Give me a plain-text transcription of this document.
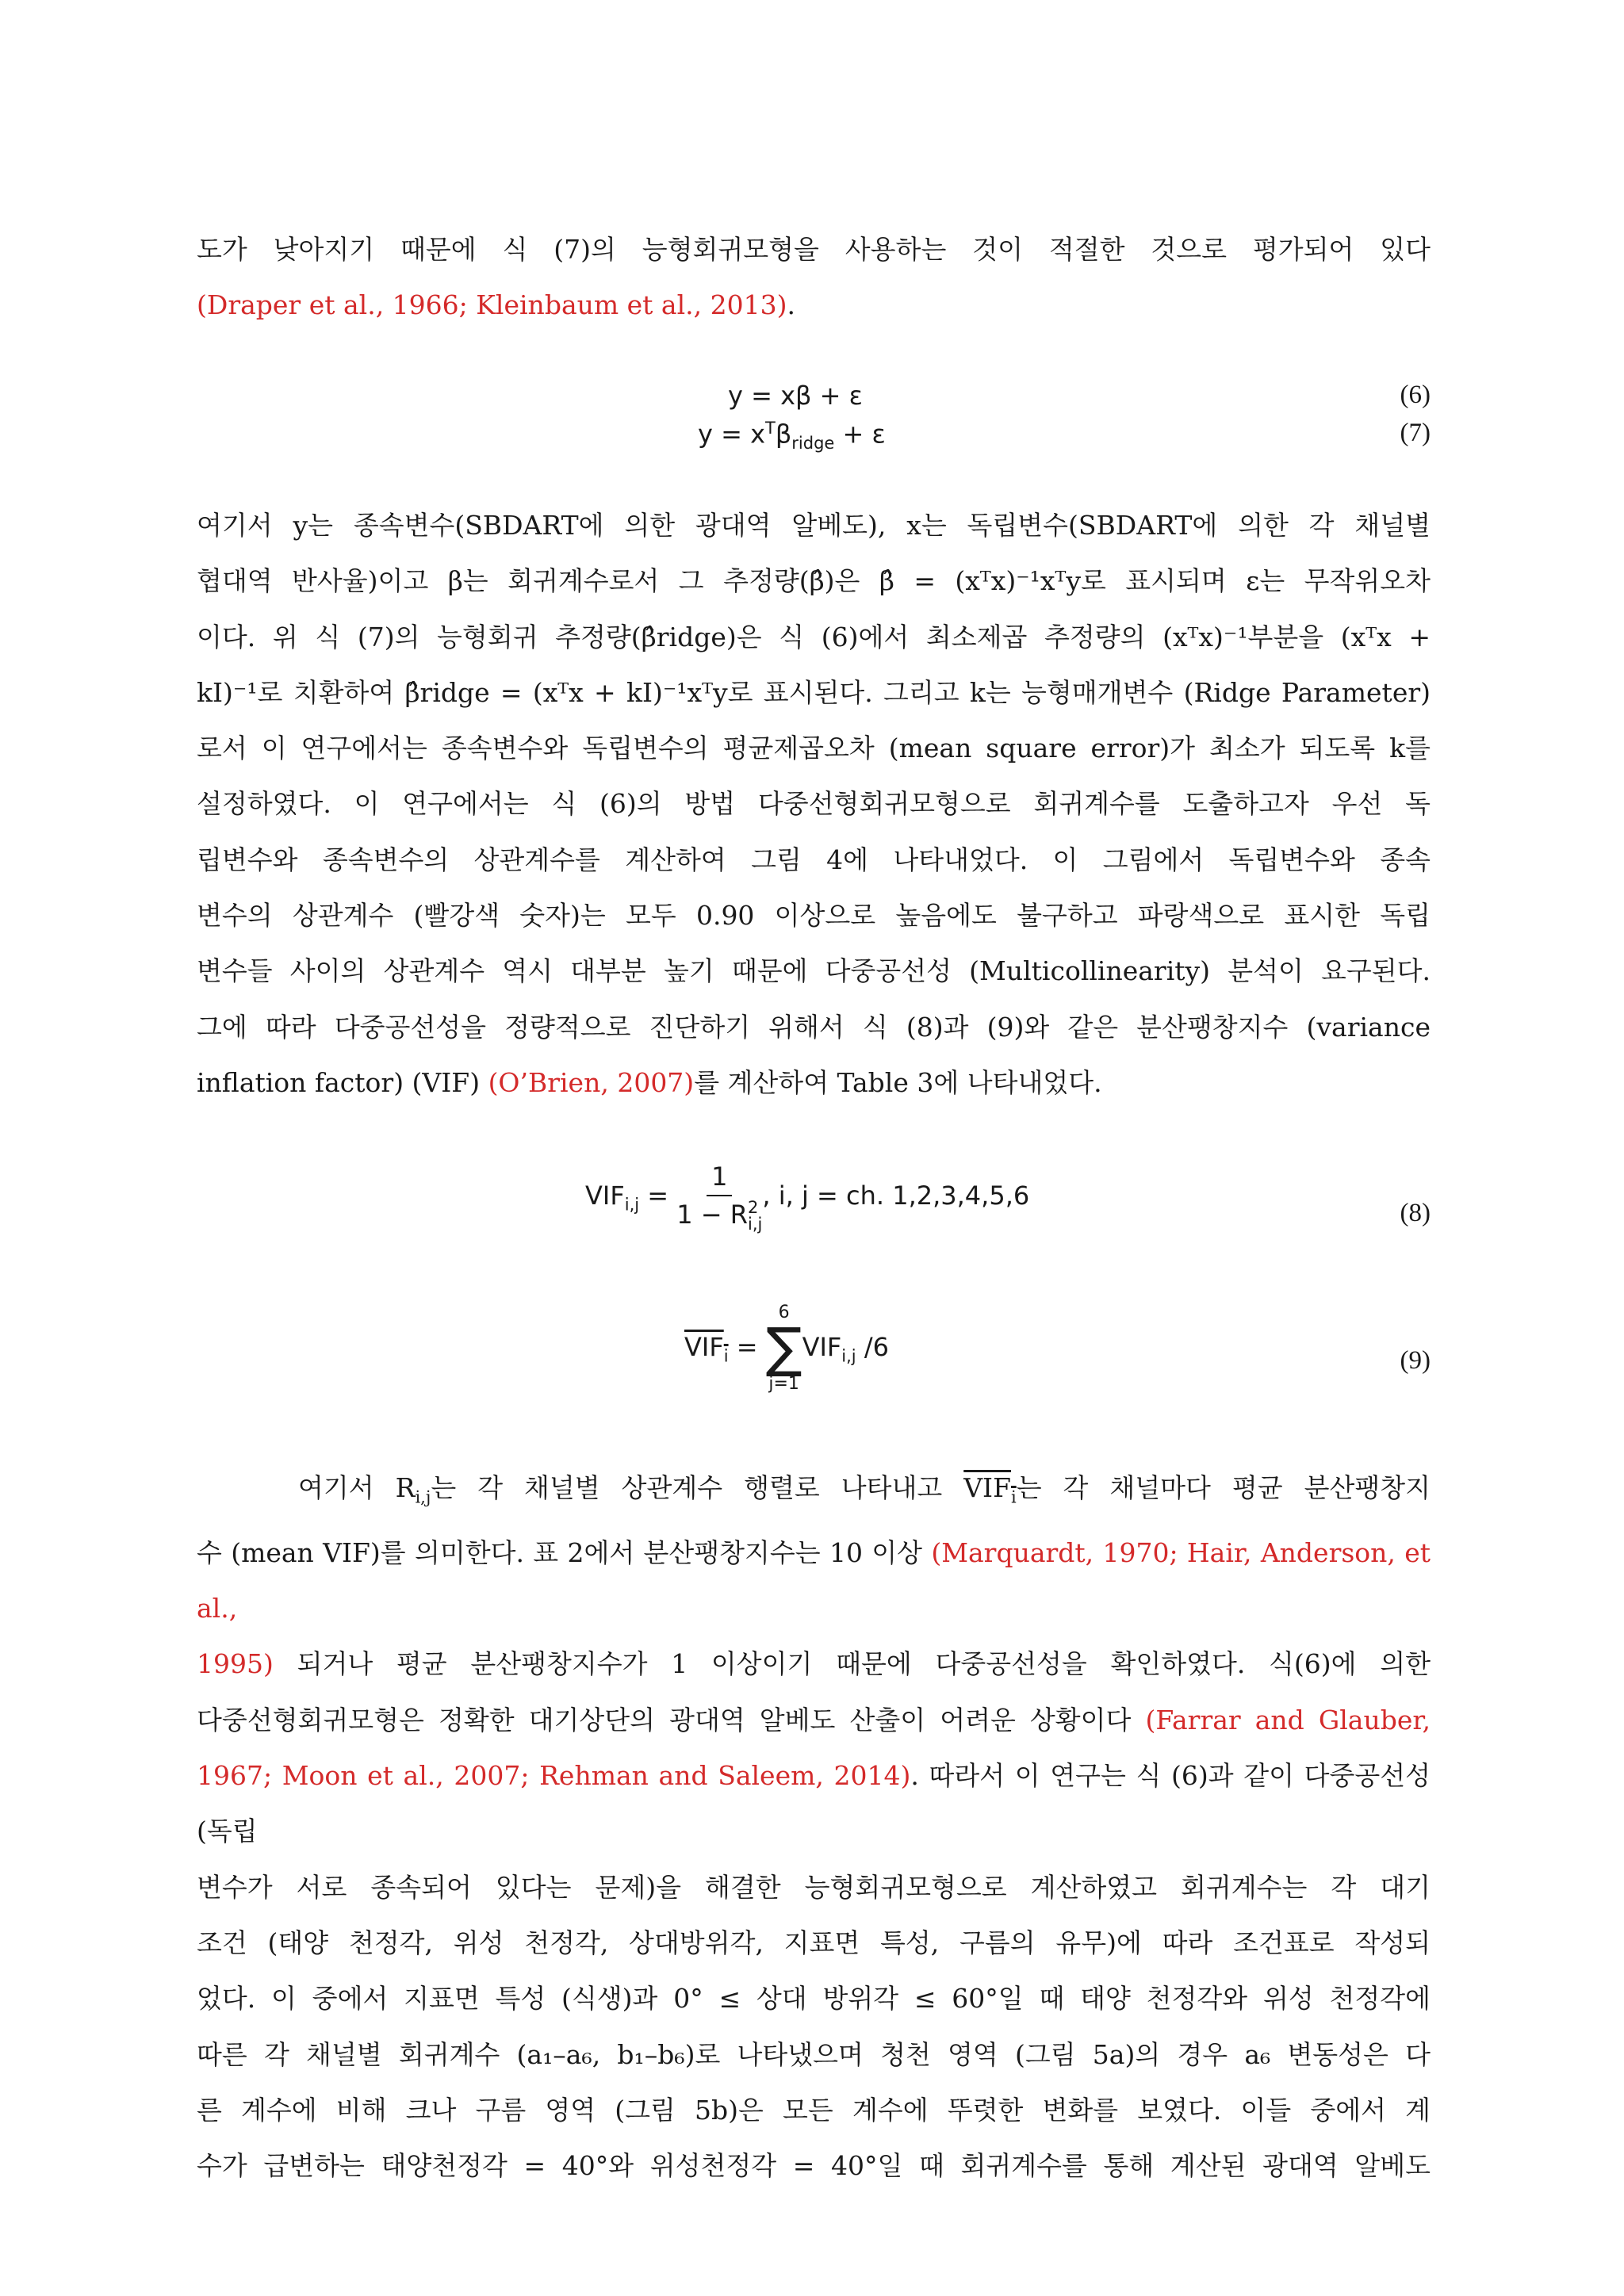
도가 낮아지기 때문에 식 (7)의 능형회귀모형을 사용하는 것이 적절한 것으로 평가되어 있다

(Draper et al., 1966; Kleinbaum et al., 2013).

y = xβ + ε	(6)
$y = x^T\beta_{ridge} + \varepsilon$	(7)
여기서 y는 종속변수(SBDART에 의한 광대역 알베도), x는 독립변수(SBDART에 의한 각 채널별
협대역 반사율)이고 β는 회귀계수로서 그 추정량(β̂)은 β̂ = (xᵀx)⁻¹xᵀy로 표시되며 ε는 무작위오차
이다. 위 식 (7)의 능형회귀 추정량(β̂ridge)은 식 (6)에서 최소제곱 추정량의 (xᵀx)⁻¹부분을 (xᵀx +
kI)⁻¹로 치환하여 β̂ridge = (xᵀx + kI)⁻¹xᵀy로 표시된다. 그리고 k는 능형매개변수 (Ridge Parameter)
로서 이 연구에서는 종속변수와 독립변수의 평균제곱오차 (mean square error)가 최소가 되도록 k를
설정하였다. 이 연구에서는 식 (6)의 방법 다중선형회귀모형으로 회귀계수를 도출하고자 우선 독
립변수와 종속변수의 상관계수를 계산하여 그림 4에 나타내었다. 이 그림에서 독립변수와 종속
변수의 상관계수 (빨강색 숫자)는 모두 0.90 이상으로 높음에도 불구하고 파랑색으로 표시한 독립
변수들 사이의 상관계수 역시 대부분 높기 때문에 다중공선성 (Multicollinearity) 분석이 요구된다.
그에 따라 다중공선성을 정량적으로 진단하기 위해서 식 (8)과 (9)와 같은 분산팽창지수 (variance
inflation factor) (VIF) (O’Brien, 2007)를 계산하여 Table 3에 나타내었다.
$VIF_{i,j} = 1$
1 − R 2
i,j , i, j = ch. 1,2,3,4,5,6
(8)
$VIF_i$ =
6
∑
j=1
$VIF_{i,j}$ /6	(9)
여기서 $R_{i,j}$는 각 채널별 상관계수 행렬로 나타내고 $VIF_i$는 각 채널마다 평균 분산팽창지
수 (mean VIF)를 의미한다. 표 2에서 분산팽창지수는 10 이상 (Marquardt, 1970; Hair, Anderson, et al.,
1995) 되거나 평균 분산팽창지수가 1 이상이기 때문에 다중공선성을 확인하였다. 식(6)에 의한
다중선형회귀모형은 정확한 대기상단의 광대역 알베도 산출이 어려운 상황이다 (Farrar and Glauber,
1967; Moon et al., 2007; Rehman and Saleem, 2014). 따라서 이 연구는 식 (6)과 같이 다중공선성 (독립
변수가 서로 종속되어 있다는 문제)을 해결한 능형회귀모형으로 계산하였고 회귀계수는 각 대기
조건 (태양 천정각, 위성 천정각, 상대방위각, 지표면 특성, 구름의 유무)에 따라 조건표로 작성되
었다. 이 중에서 지표면 특성 (식생)과 0° ≤ 상대 방위각 ≤ 60°일 때 태양 천정각와 위성 천정각에
따른 각 채널별 회귀계수 (a₁–a₆, b₁–b₆)로 나타냈으며 청천 영역 (그림 5a)의 경우 a₆ 변동성은 다
른 계수에 비해 크나 구름 영역 (그림 5b)은 모든 계수에 뚜렷한 변화를 보였다. 이들 중에서 계
수가 급변하는 태양천정각 = 40°와 위성천정각 = 40°일 때 회귀계수를 통해 계산된 광대역 알베도
